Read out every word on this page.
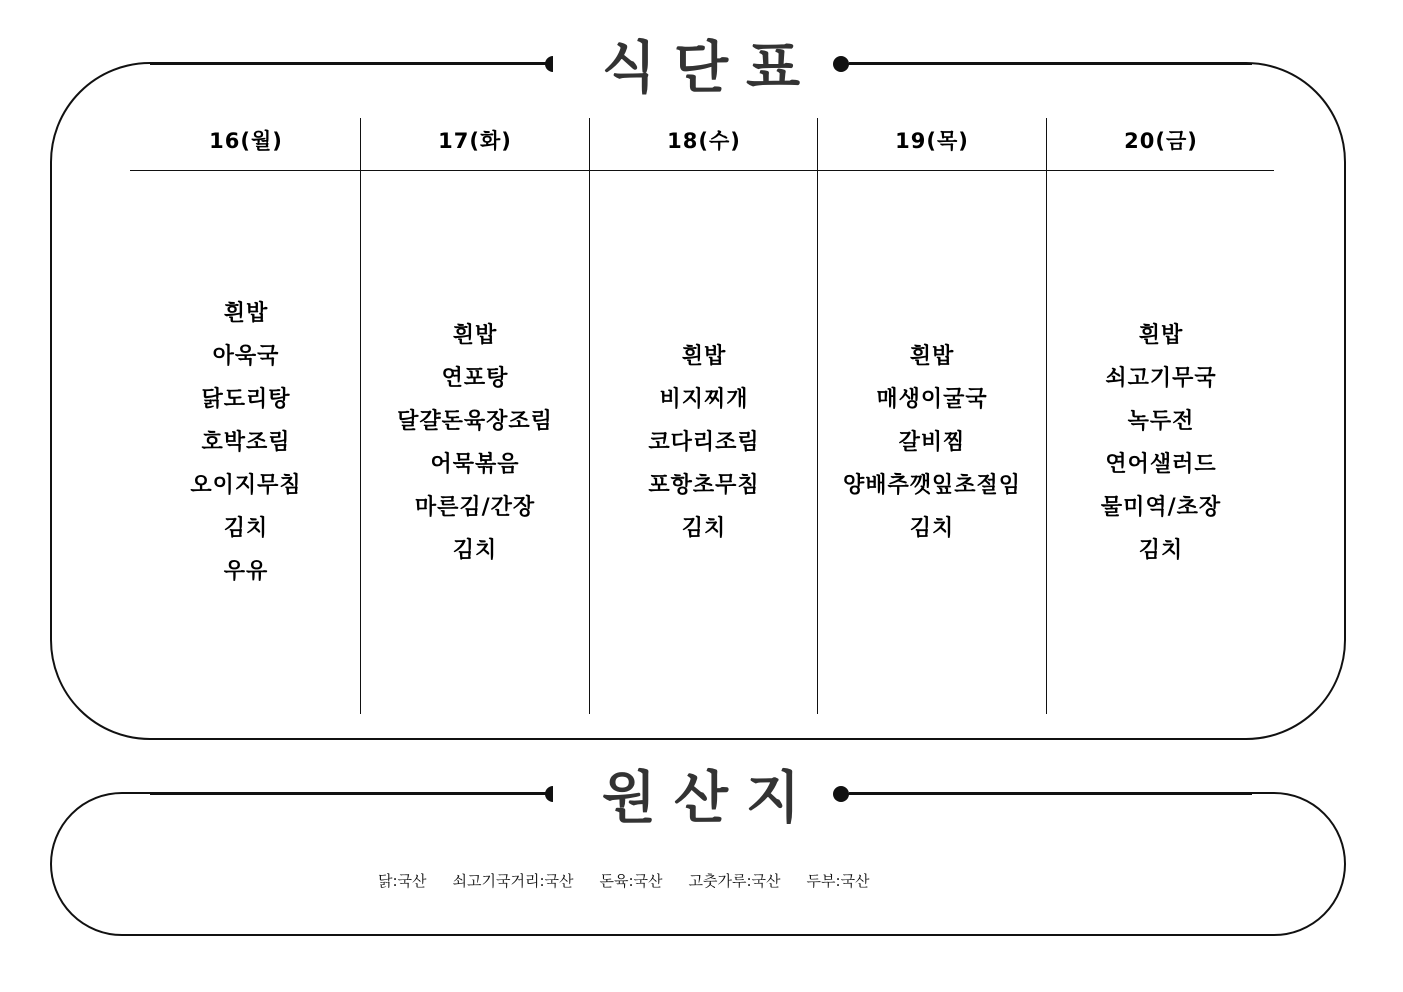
식단표
16(월)
흰밥
아욱국
닭도리탕
호박조림
오이지무침
김치
우유
17(화)
흰밥
연포탕
달걀돈육장조림
어묵볶음
마른김/간장
김치
18(수)
흰밥
비지찌개
코다리조림
포항초무침
김치
19(목)
흰밥
매생이굴국
갈비찜
양배추깻잎초절임
김치
20(금)
흰밥
쇠고기무국
녹두전
연어샐러드
물미역/초장
김치
원산지
닭:국산 쇠고기국거리:국산 돈육:국산 고춧가루:국산 두부:국산
